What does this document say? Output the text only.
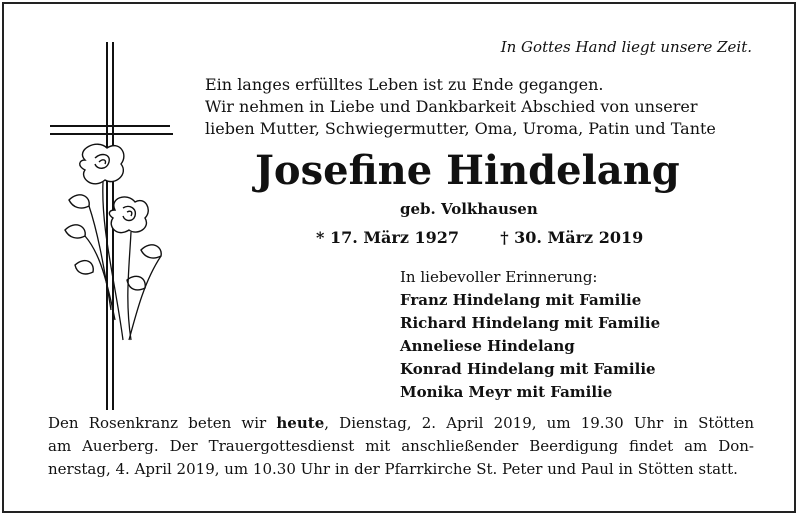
In Gottes Hand liegt unsere Zeit.
Ein langes erfülltes Leben ist zu Ende gegangen.
Wir nehmen in Liebe und Dankbarkeit Abschied von unserer
lieben Mutter, Schwiegermutter, Oma, Uroma, Patin und Tante
Josefine Hindelang
geb. Volkhausen
* 17. März 1927	† 30. März 2019
In liebevoller Erinnerung:
Franz Hindelang mit Familie
Richard Hindelang mit Familie
Anneliese Hindelang
Konrad Hindelang mit Familie
Monika Meyr mit Familie
Den Rosenkranz beten wir heute, Dienstag, 2. April 2019, um 19.30 Uhr in Stötten
am Auerberg. Der Trauergottesdienst mit anschließender Beerdigung findet am Don-
nerstag, 4. April 2019, um 10.30 Uhr in der Pfarrkirche St. Peter und Paul in Stötten statt.
